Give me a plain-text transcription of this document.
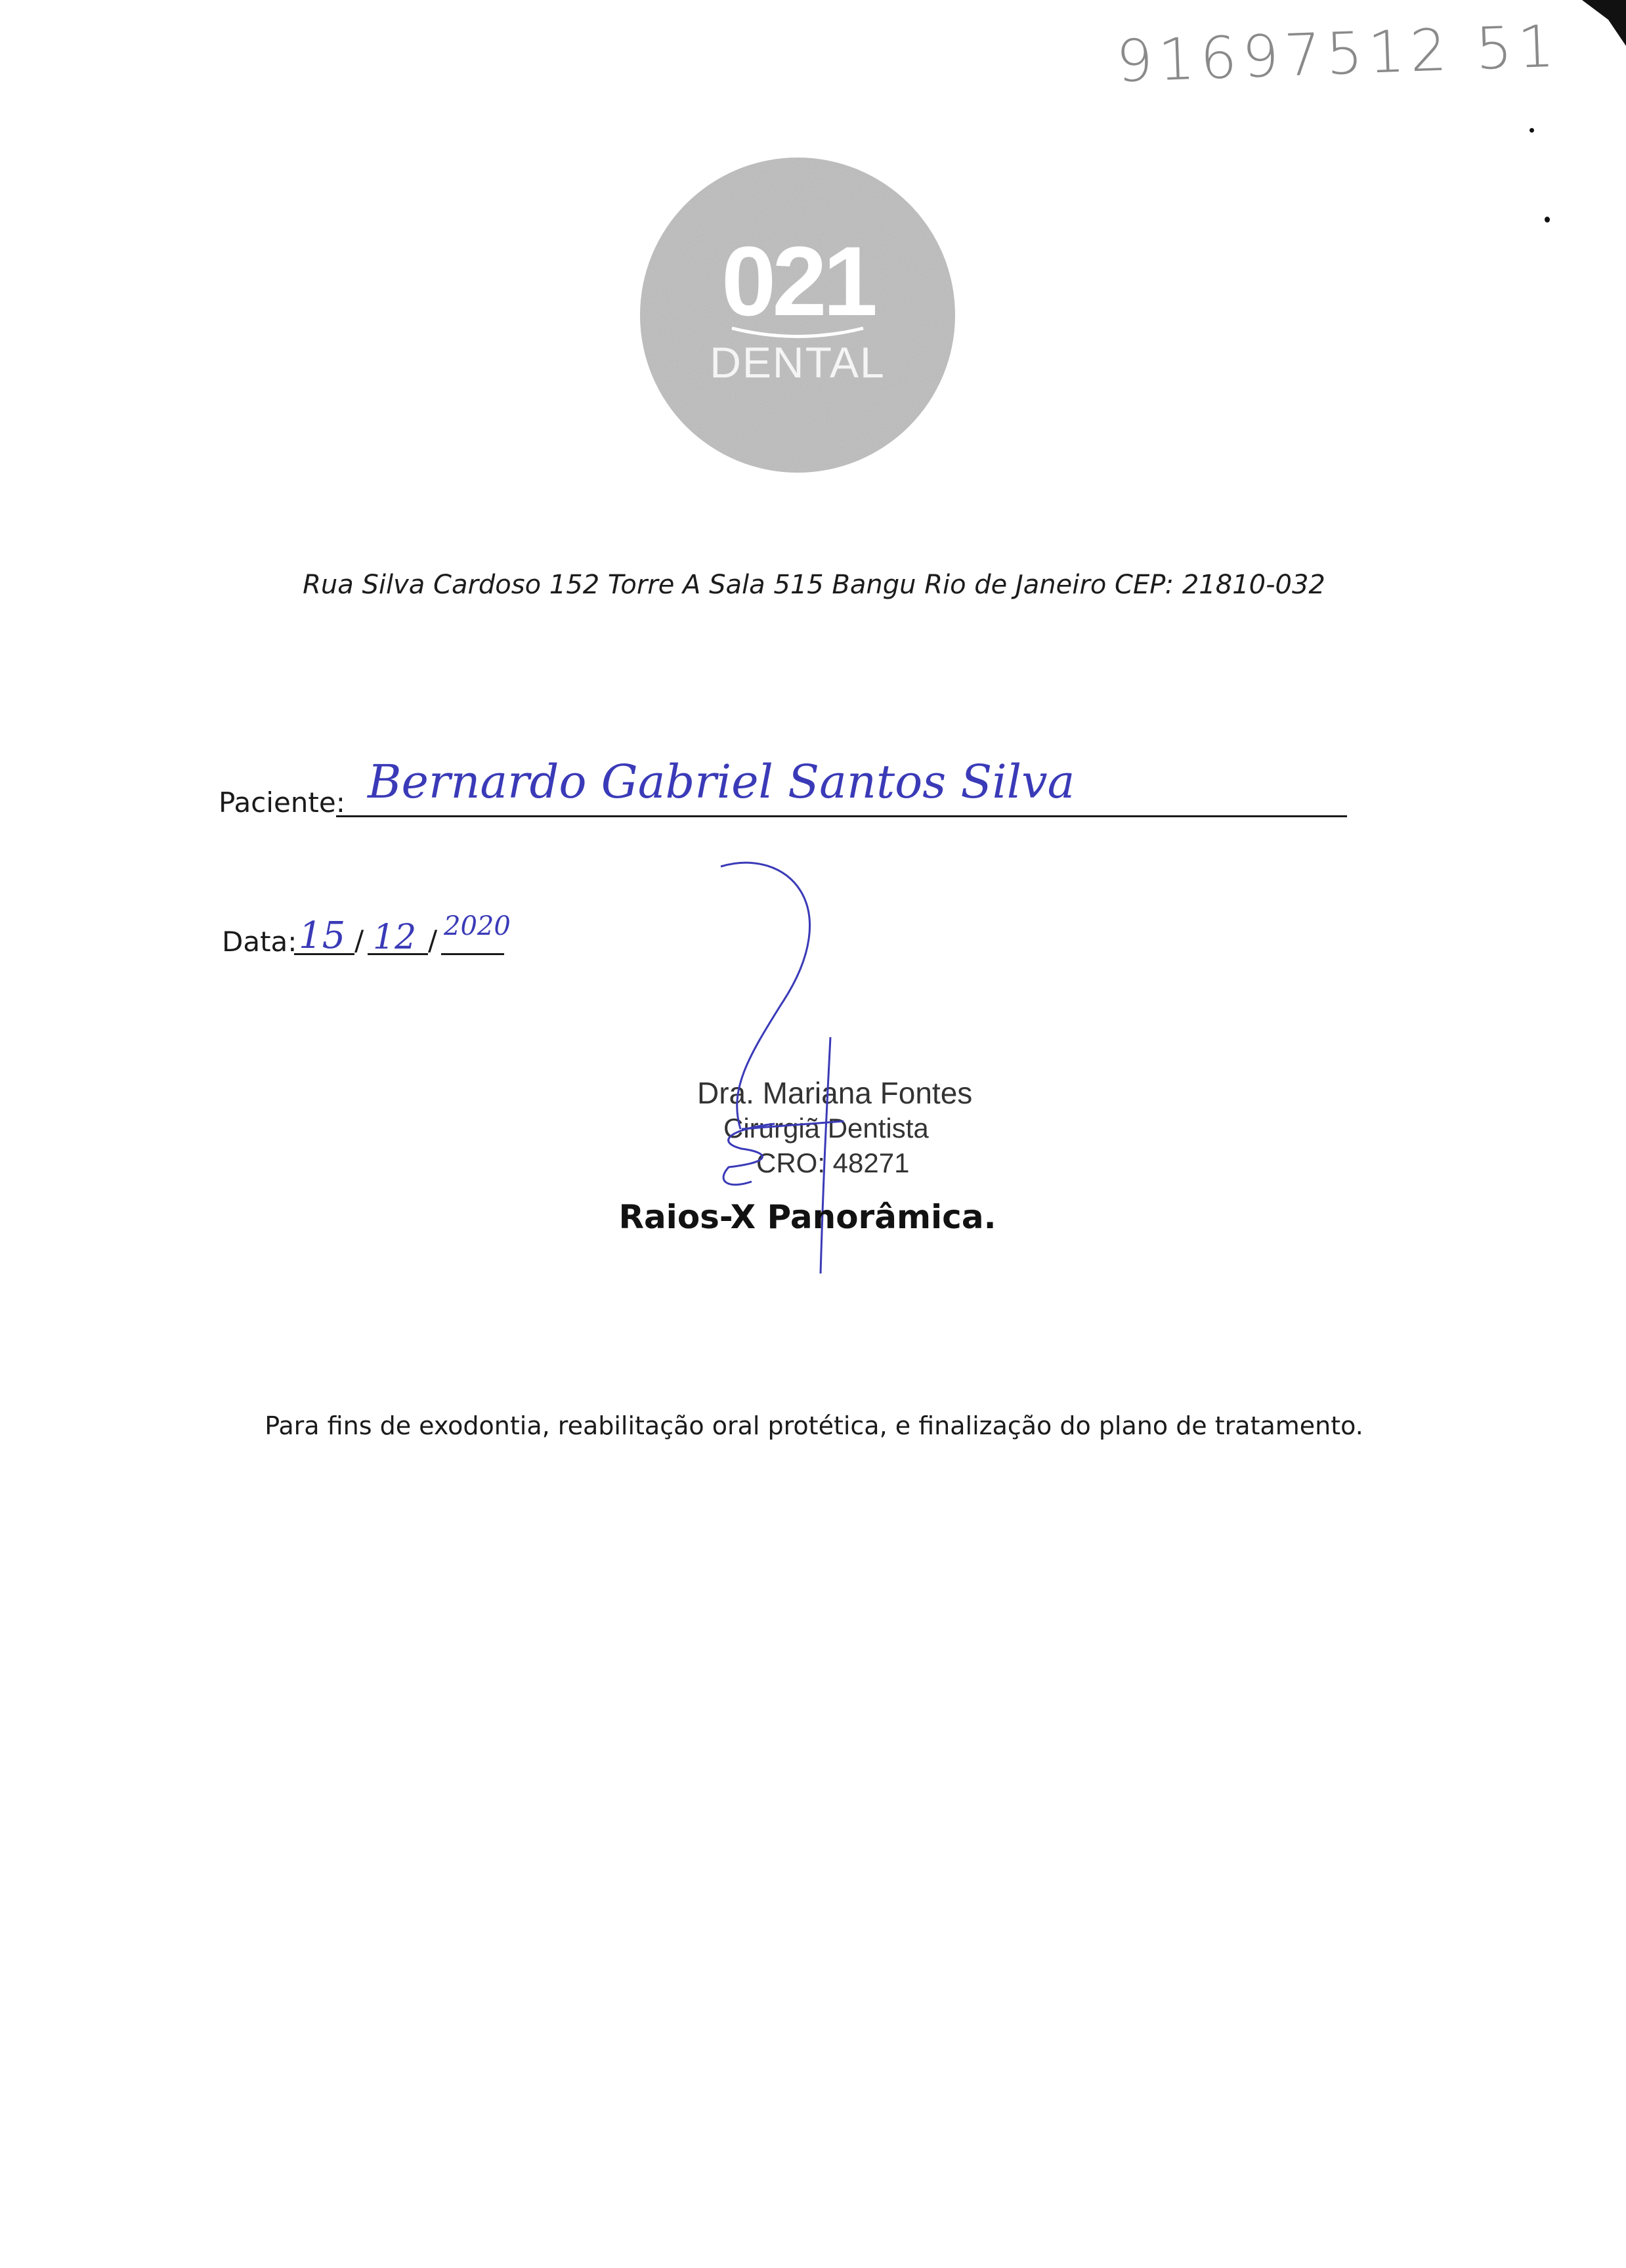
91697512 51
021
DENTAL
Rua Silva Cardoso 152 Torre A Sala 515 Bangu Rio de Janeiro CEP: 21810-032
Paciente: Bernardo Gabriel Santos Silva
Data: / /
15 12 2020
Dra. Mariana Fontes
Cirurgiã Dentista
CRO: 48271
Raios-X Panorâmica.
Para fins de exodontia, reabilitação oral protética, e finalização do plano de tratamento.
